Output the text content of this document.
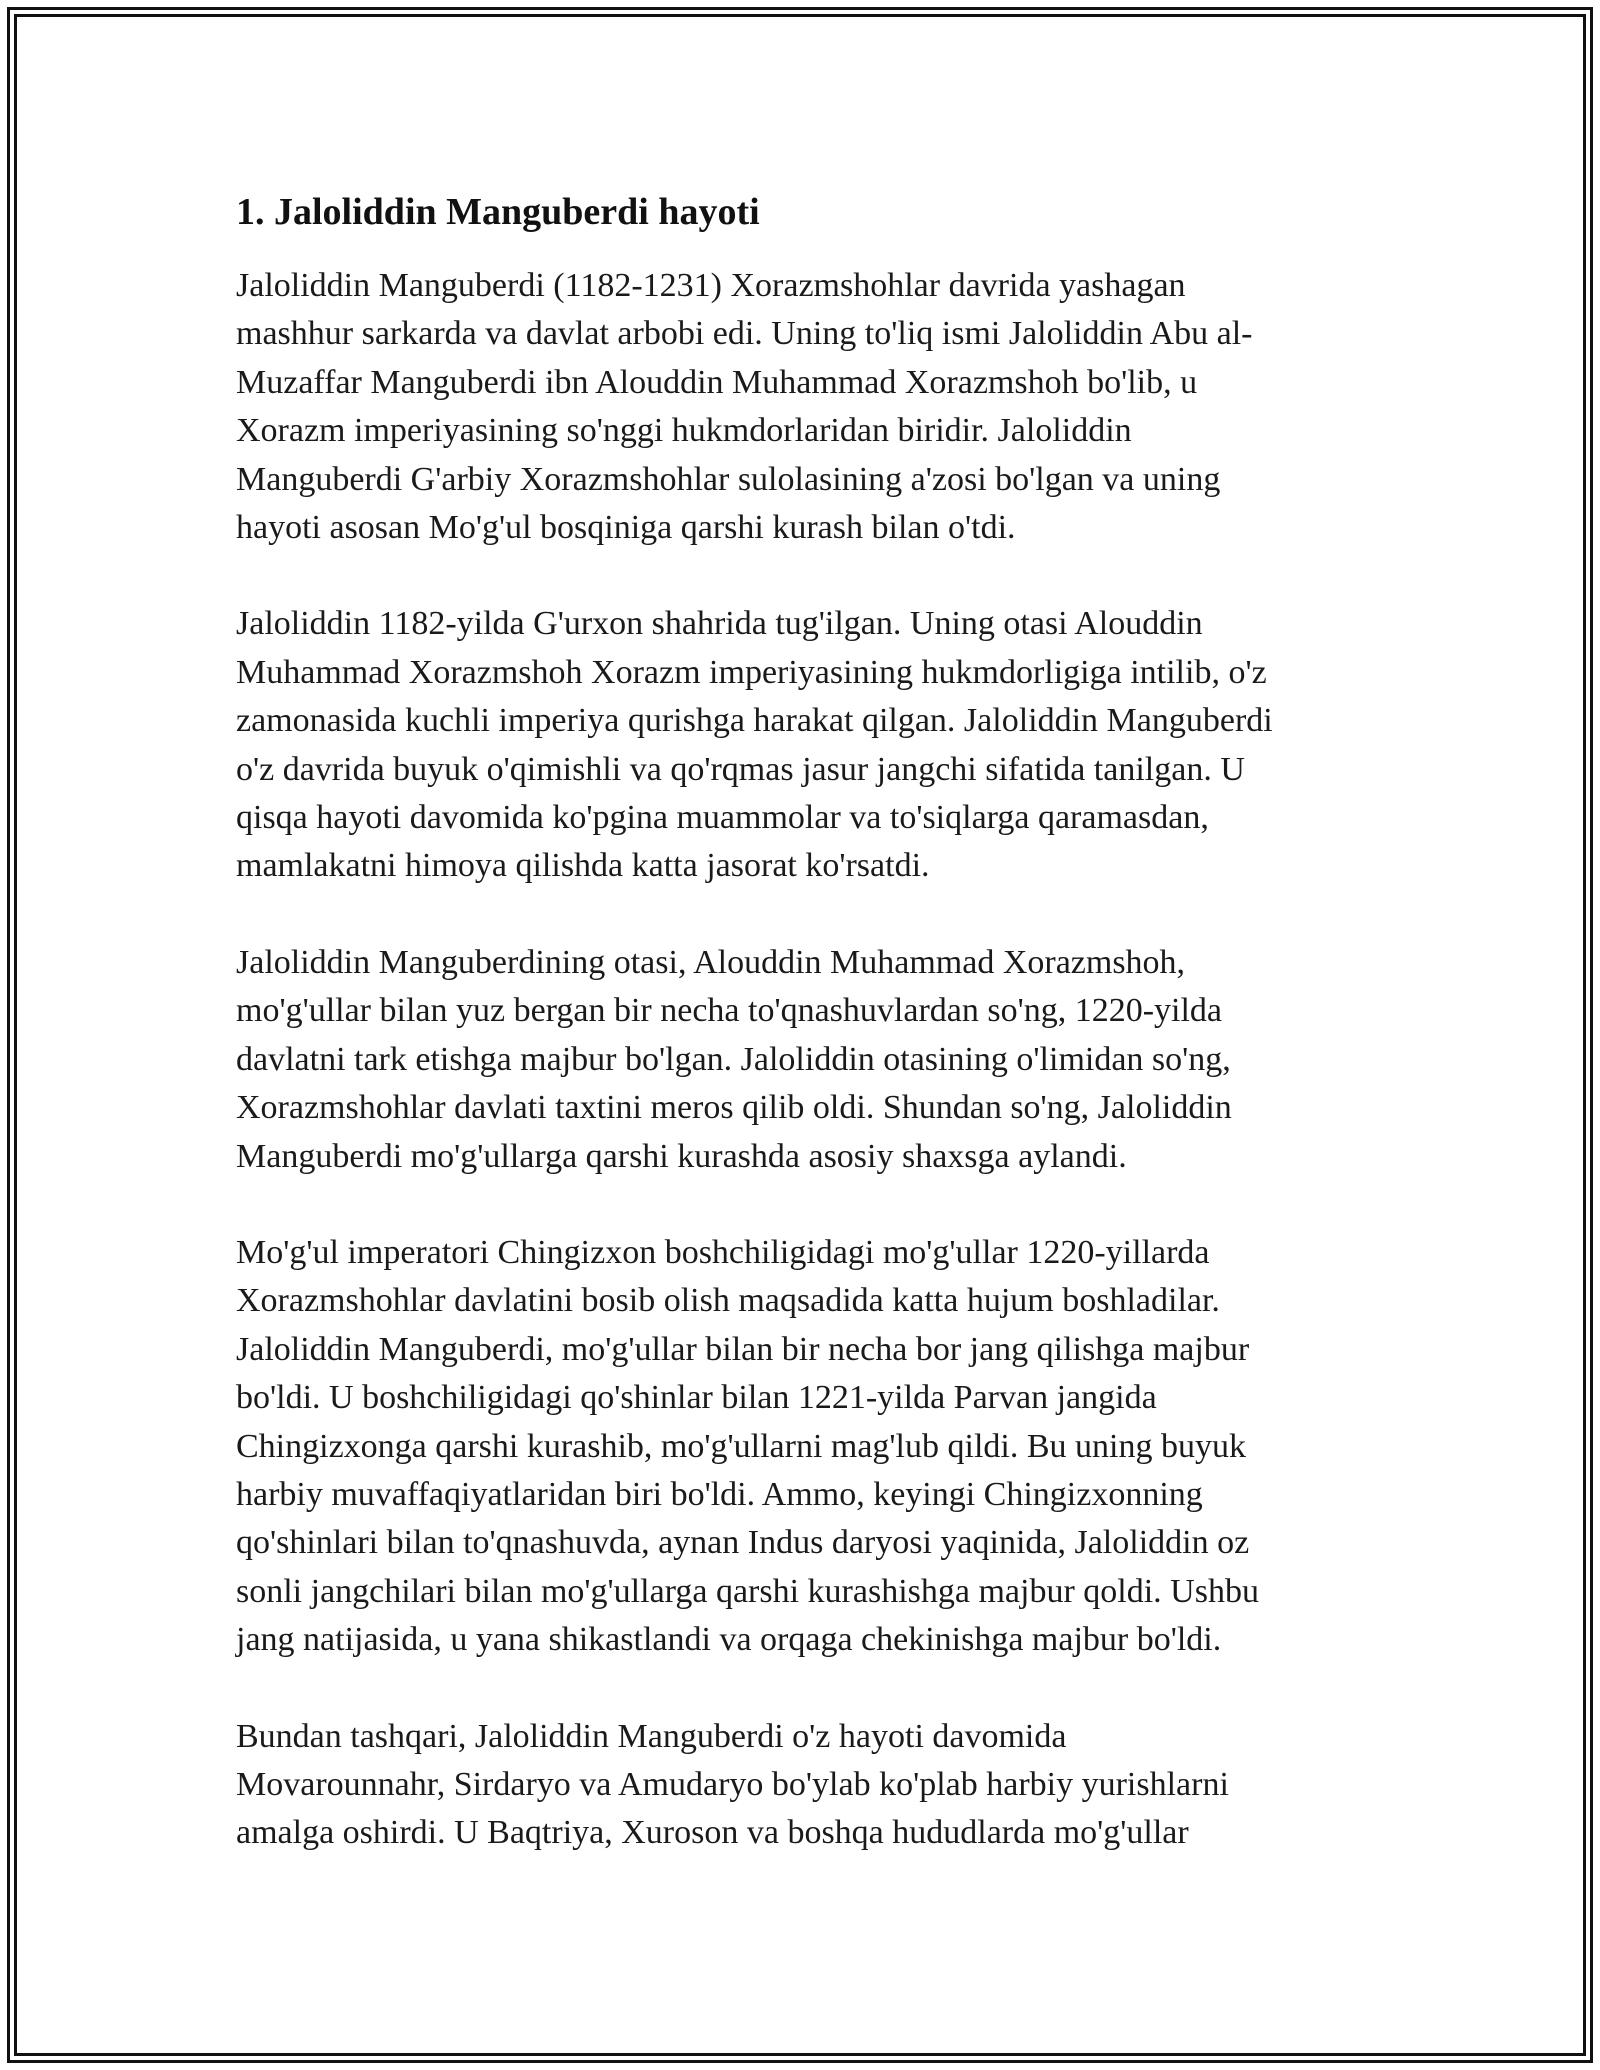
1. Jaloliddin Manguberdi hayoti

Jaloliddin Manguberdi (1182-1231) Xorazmshohlar davrida yashagan
mashhur sarkarda va davlat arbobi edi. Uning to'liq ismi Jaloliddin Abu al-
Muzaffar Manguberdi ibn Alouddin Muhammad Xorazmshoh bo'lib, u
Xorazm imperiyasining so'nggi hukmdorlaridan biridir. Jaloliddin
Manguberdi G'arbiy Xorazmshohlar sulolasining a'zosi bo'lgan va uning
hayoti asosan Mo'g'ul bosqiniga qarshi kurash bilan o'tdi.

Jaloliddin 1182-yilda G'urxon shahrida tug'ilgan. Uning otasi Alouddin
Muhammad Xorazmshoh Xorazm imperiyasining hukmdorligiga intilib, o'z
zamonasida kuchli imperiya qurishga harakat qilgan. Jaloliddin Manguberdi
o'z davrida buyuk o'qimishli va qo'rqmas jasur jangchi sifatida tanilgan. U
qisqa hayoti davomida ko'pgina muammolar va to'siqlarga qaramasdan,
mamlakatni himoya qilishda katta jasorat ko'rsatdi.

Jaloliddin Manguberdining otasi, Alouddin Muhammad Xorazmshoh,
mo'g'ullar bilan yuz bergan bir necha to'qnashuvlardan so'ng, 1220-yilda
davlatni tark etishga majbur bo'lgan. Jaloliddin otasining o'limidan so'ng,
Xorazmshohlar davlati taxtini meros qilib oldi. Shundan so'ng, Jaloliddin
Manguberdi mo'g'ullarga qarshi kurashda asosiy shaxsga aylandi.

Mo'g'ul imperatori Chingizxon boshchiligidagi mo'g'ullar 1220-yillarda
Xorazmshohlar davlatini bosib olish maqsadida katta hujum boshladilar.
Jaloliddin Manguberdi, mo'g'ullar bilan bir necha bor jang qilishga majbur
bo'ldi. U boshchiligidagi qo'shinlar bilan 1221-yilda Parvan jangida
Chingizxonga qarshi kurashib, mo'g'ullarni mag'lub qildi. Bu uning buyuk
harbiy muvaffaqiyatlaridan biri bo'ldi. Ammo, keyingi Chingizxonning
qo'shinlari bilan to'qnashuvda, aynan Indus daryosi yaqinida, Jaloliddin oz
sonli jangchilari bilan mo'g'ullarga qarshi kurashishga majbur qoldi. Ushbu
jang natijasida, u yana shikastlandi va orqaga chekinishga majbur bo'ldi.

Bundan tashqari, Jaloliddin Manguberdi o'z hayoti davomida
Movarounnahr, Sirdaryo va Amudaryo bo'ylab ko'plab harbiy yurishlarni
amalga oshirdi. U Baqtriya, Xuroson va boshqa hududlarda mo'g'ullar
